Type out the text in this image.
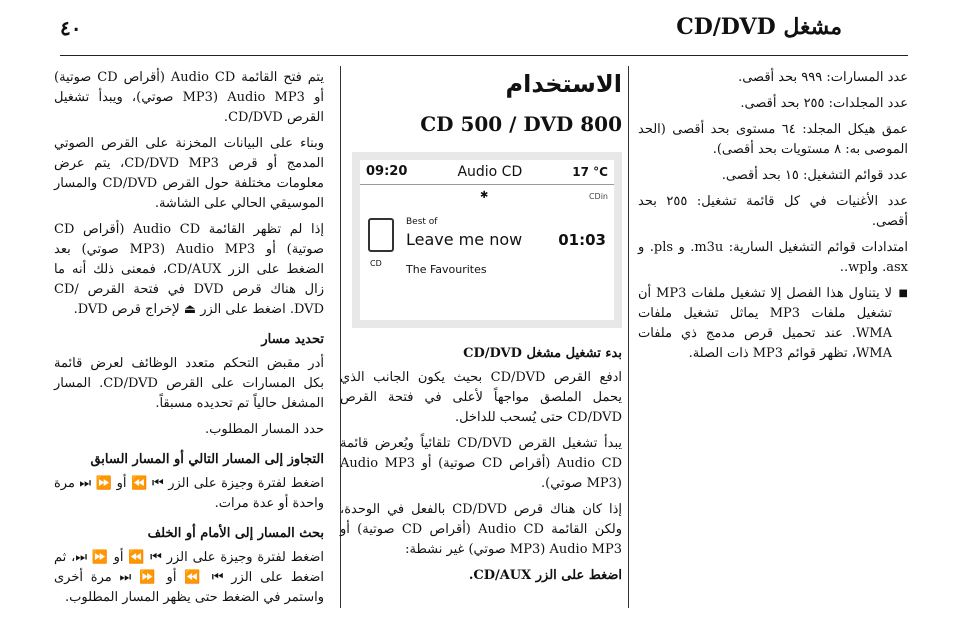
مشغل CD/DVD
٤٠

عدد المسارات: ٩٩٩ بحد أقصى.

عدد المجلدات: ٢٥٥ بحد أقصى.

عمق هيكل المجلد: ٦٤ مستوى بحد أقصى (الحد الموصى به: ٨ مستويات بحد أقصى).

عدد قوائم التشغيل: ١٥ بحد أقصى.

عدد الأغنيات في كل قائمة تشغيل: ٢٥٥ بحد أقصى.

امتدادات قوائم التشغيل السارية: ‎.m3u و ‎.pls و ‎.asx و‎.wpl.

■ لا يتناول هذا الفصل إلا تشغيل ملفات MP3 أن تشغيل ملفات MP3 يماثل تشغيل ملفات WMA. عند تحميل قرص مدمج ذي ملفات WMA، تظهر قوائم MP3 ذات الصلة.

الاستخدام
CD 500 / DVD 800
09:20	Audio CD	17 °C
CDin
✱
CD
Best of
Leave me now 01:03
The Favourites
بدء تشغيل مشغل CD/DVD

ادفع القرص CD/DVD بحيث يكون الجانب الذي يحمل الملصق مواجهاً لأعلى في فتحة القرص CD/DVD حتى يُسحب للداخل.

يبدأ تشغيل القرص CD/DVD تلقائياً ويُعرض قائمة Audio CD (أقراص CD صوتية) أو Audio MP3 (MP3 صوتي).

إذا كان هناك قرص CD/DVD بالفعل في الوحدة، ولكن القائمة Audio CD (أقراص CD صوتية) أو Audio MP3 (MP3 صوتي) غير نشطة:

اضغط على الزر CD/AUX.

يتم فتح القائمة Audio CD (أقراص CD صوتية) أو Audio MP3 (MP3 صوتي)، ويبدأ تشغيل القرص CD/DVD.

وبناء على البيانات المخزنة على القرص الصوتي المدمج أو قرص CD/DVD MP3، يتم عرض معلومات مختلفة حول القرص CD/DVD والمسار الموسيقي الحالي على الشاشة.

إذا لم تظهر القائمة Audio CD (أقراص CD صوتية) أو Audio MP3 (MP3 صوتي) بعد الضغط على الزر CD/AUX، فمعنى ذلك أنه ما زال هناك قرص DVD في فتحة القرص CD/ DVD. اضغط على الزر ⏏ لإخراج قرص DVD.

تحديد مسار

أدر مقبض التحكم متعدد الوظائف لعرض قائمة بكل المسارات على القرص CD/DVD. المسار المشغل حالياً تم تحديده مسبقاً.

حدد المسار المطلوب.

التجاوز إلى المسار التالي أو المسار السابق

اضغط لفترة وجيزة على الزر ⏮ ⏪ أو ⏩ ⏭ مرة واحدة أو عدة مرات.

بحث المسار إلى الأمام أو الخلف

اضغط لفترة وجيزة على الزر ⏮ ⏪ أو ⏩ ⏭، ثم اضغط على الزر ⏮ ⏪ أو ⏩ ⏭ مرة أخرى واستمر في الضغط حتى يظهر المسار المطلوب.
